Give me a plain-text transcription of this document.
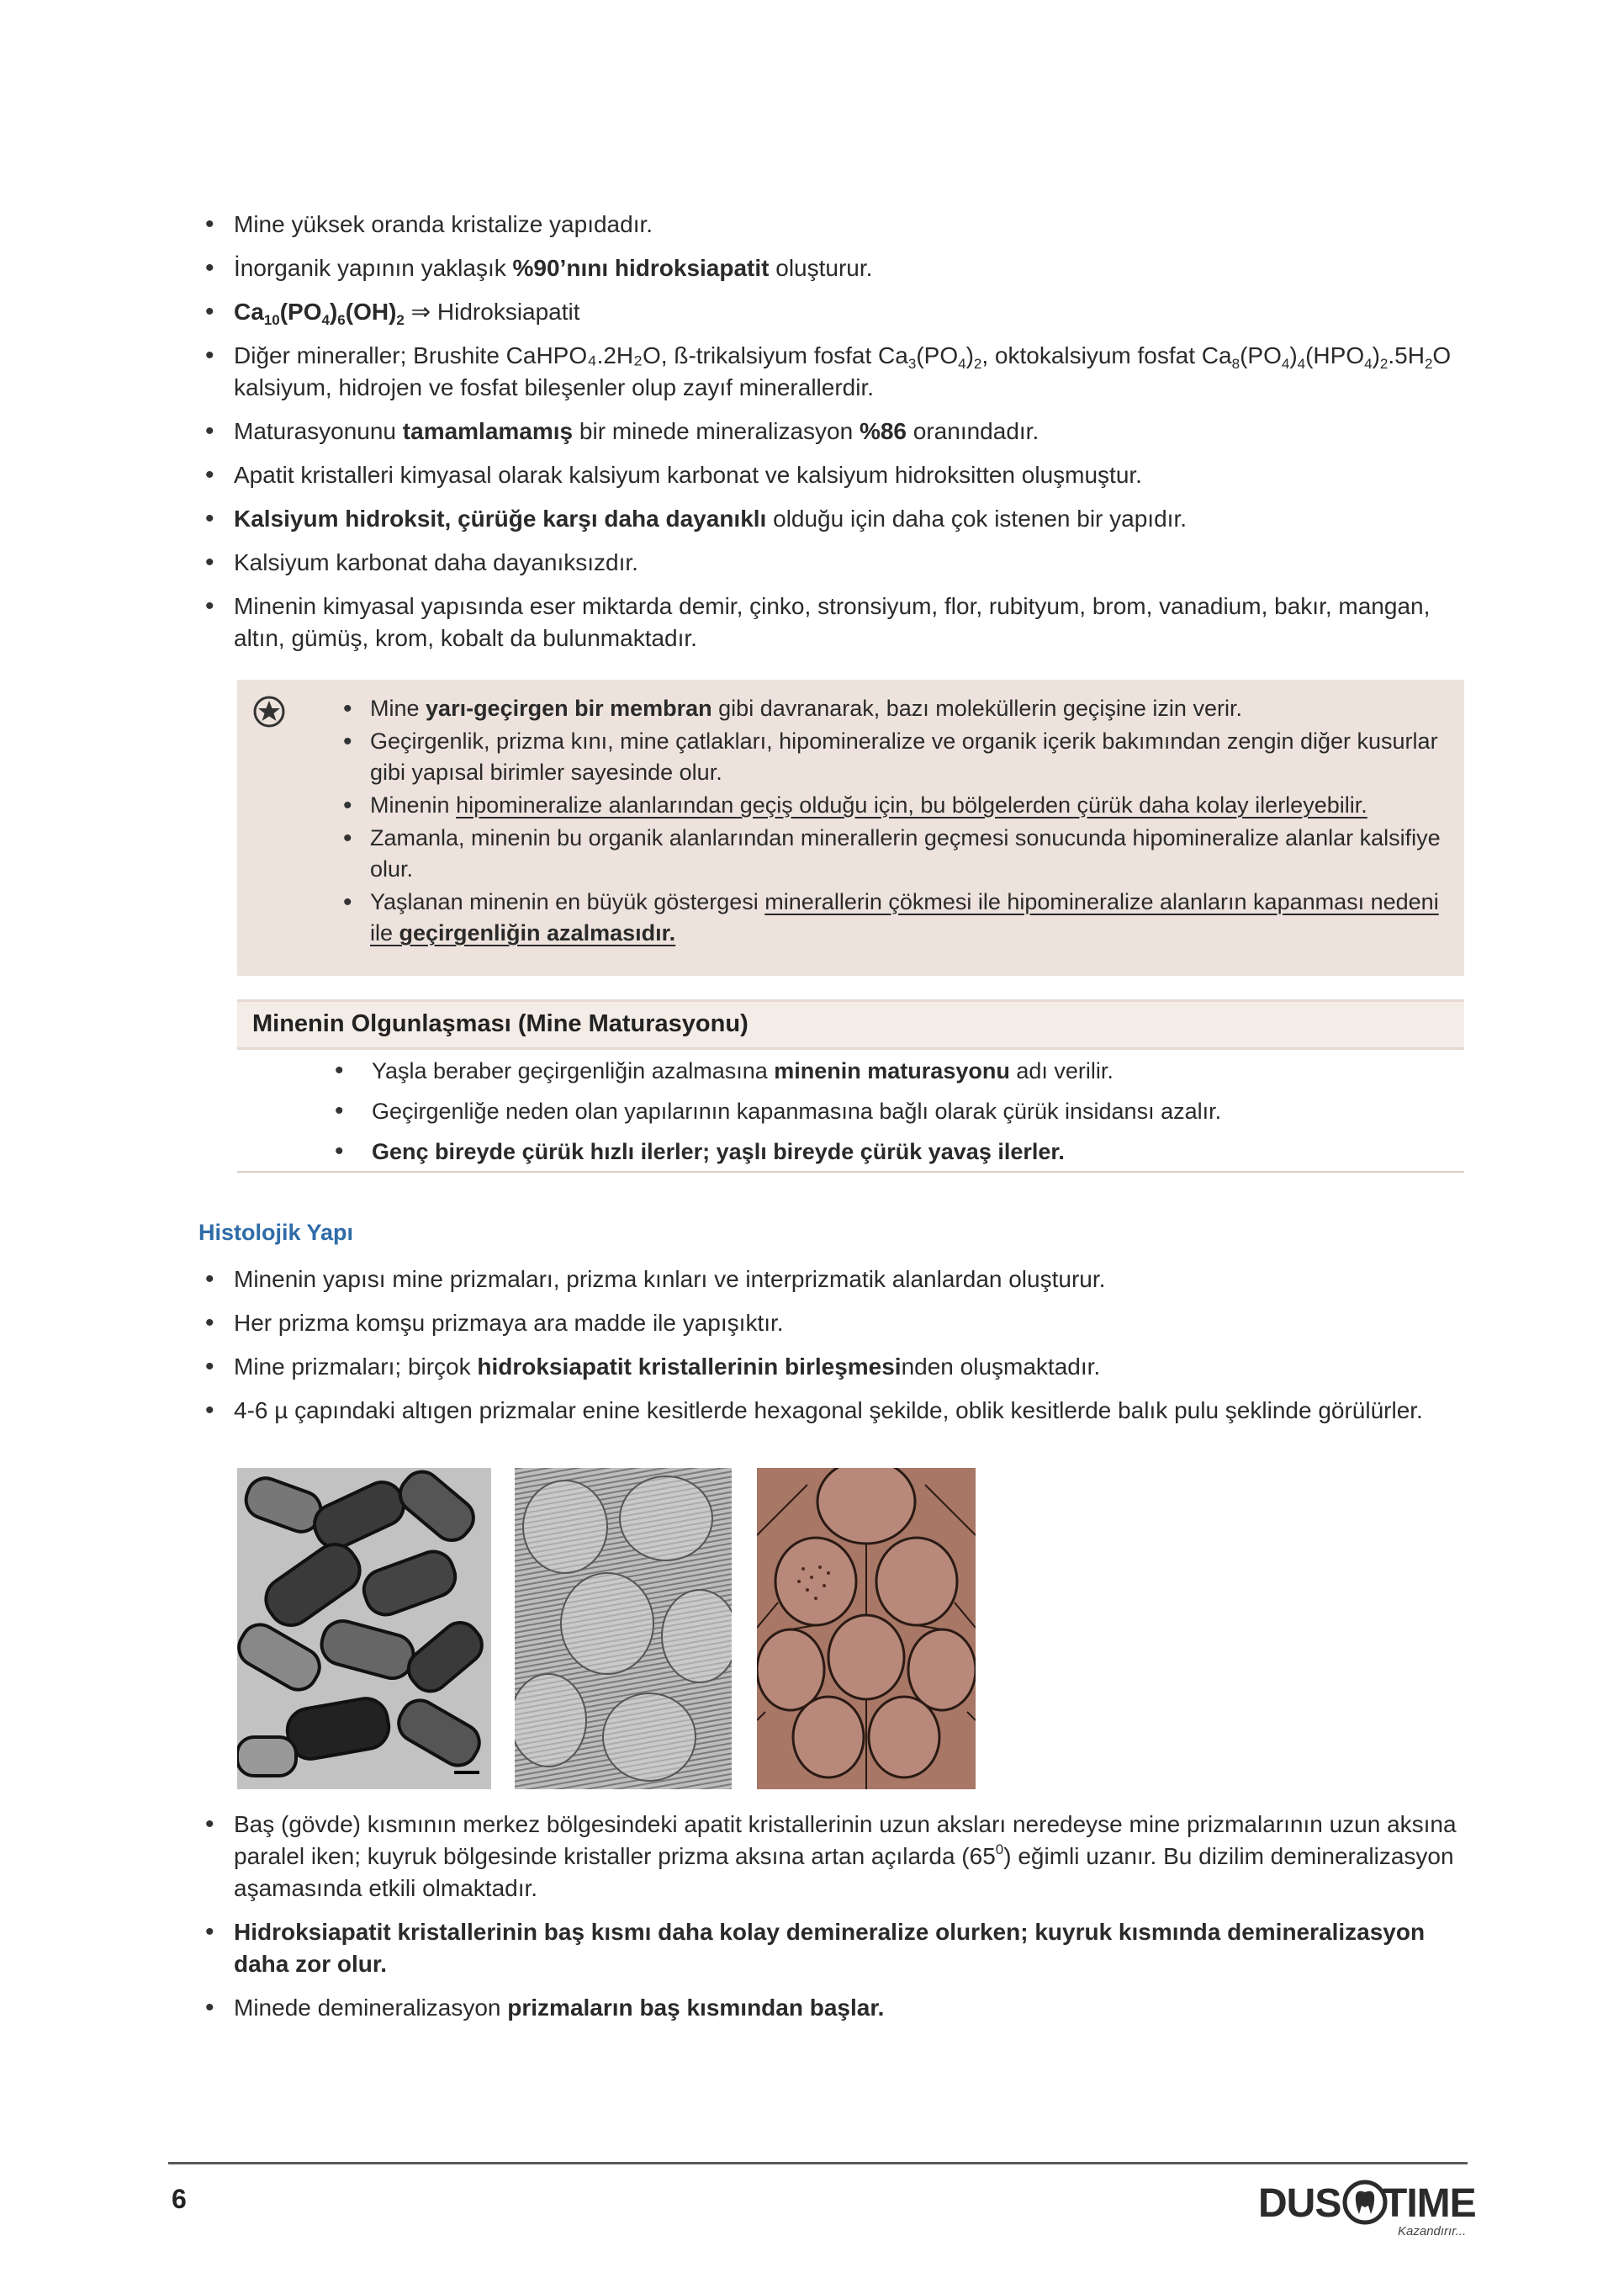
• Mine yüksek oranda kristalize yapıdadır.
• İnorganik yapının yaklaşık %90’nını hidroksiapatit oluşturur.
• $Ca_{10}(PO_4)_6(OH)_2$ ⇒ Hidroksiapatit
• Diğer mineraller; Brushite CaHPO₄.2H₂O, ß-trikalsiyum fosfat $Ca_3(PO_4)_2$, oktokalsiyum fosfat $Ca_8(PO_4)_4(HPO_4)_2.5H_2O$ kalsiyum, hidrojen ve fosfat bileşenler olup zayıf minerallerdir.
• Maturasyonunu tamamlamamış bir minede mineralizasyon %86 oranındadır.
• Apatit kristalleri kimyasal olarak kalsiyum karbonat ve kalsiyum hidroksitten oluşmuştur.
• Kalsiyum hidroksit, çürüğe karşı daha dayanıklı olduğu için daha çok istenen bir yapıdır.
• Kalsiyum karbonat daha dayanıksızdır.
• Minenin kimyasal yapısında eser miktarda demir, çinko, stronsiyum, flor, rubityum, brom, vanadium, bakır, mangan, altın, gümüş, krom, kobalt da bulunmaktadır.
• Mine yarı-geçirgen bir membran gibi davranarak, bazı moleküllerin geçişine izin verir.
• Geçirgenlik, prizma kını, mine çatlakları, hipomineralize ve organik içerik bakımından zengin diğer kusurlar gibi yapısal birimler sayesinde olur.
• Minenin hipomineralize alanlarından geçiş olduğu için, bu bölgelerden çürük daha kolay ilerleyebilir.
• Zamanla, minenin bu organik alanlarından minerallerin geçmesi sonucunda hipomineralize alanlar kalsifiye olur.
• Yaşlanan minenin en büyük göstergesi minerallerin çökmesi ile hipomineralize alanların kapanması nedeni ile geçirgenliğin azalmasıdır.
Minenin Olgunlaşması (Mine Maturasyonu)
• Yaşla beraber geçirgenliğin azalmasına minenin maturasyonu adı verilir.
• Geçirgenliğe neden olan yapılarının kapanmasına bağlı olarak çürük insidansı azalır.
• Genç bireyde çürük hızlı ilerler; yaşlı bireyde çürük yavaş ilerler.
Histolojik Yapı
• Minenin yapısı mine prizmaları, prizma kınları ve interprizmatik alanlardan oluşturur.
• Her prizma komşu prizmaya ara madde ile yapışıktır.
• Mine prizmaları; birçok hidroksiapatit kristallerinin birleşmesinden oluşmaktadır.
• 4-6 µ çapındaki altıgen prizmalar enine kesitlerde hexagonal şekilde, oblik kesitlerde balık pulu şeklinde görülürler.
• Baş (gövde) kısmının merkez bölgesindeki apatit kristallerinin uzun aksları neredeyse mine prizmalarının uzun aksına paralel iken; kuyruk bölgesinde kristaller prizma aksına artan açılarda $(65^0)$ eğimli uzanır. Bu dizilim demineralizasyon aşamasında etkili olmaktadır.
• Hidroksiapatit kristallerinin baş kısmı daha kolay demineralize olurken; kuyruk kısmında demineralizasyon daha zor olur.
• Minede demineralizasyon prizmaların baş kısmından başlar.
6	DUS TIME
Kazandırır...
